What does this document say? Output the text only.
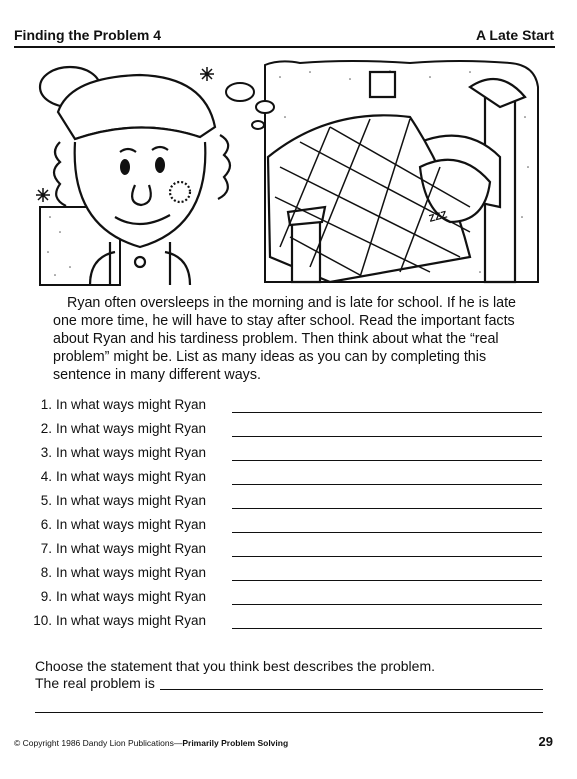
Finding the Problem 4	A Late Start
ZZZ
Ryan often oversleeps in the morning and is late for school. If he is late one more time, he will have to stay after school. Read the important facts about Ryan and his tardiness problem. Then think about what the “real problem” might be. List as many ideas as you can by completing this sentence in many different ways.
1. In what ways might Ryan
2. In what ways might Ryan
3. In what ways might Ryan
4. In what ways might Ryan
5. In what ways might Ryan
6. In what ways might Ryan
7. In what ways might Ryan
8. In what ways might Ryan
9. In what ways might Ryan
10. In what ways might Ryan
Choose the statement that you think best describes the problem.
The real problem is
© Copyright 1986 Dandy Lion Publications—Primarily Problem Solving	29
